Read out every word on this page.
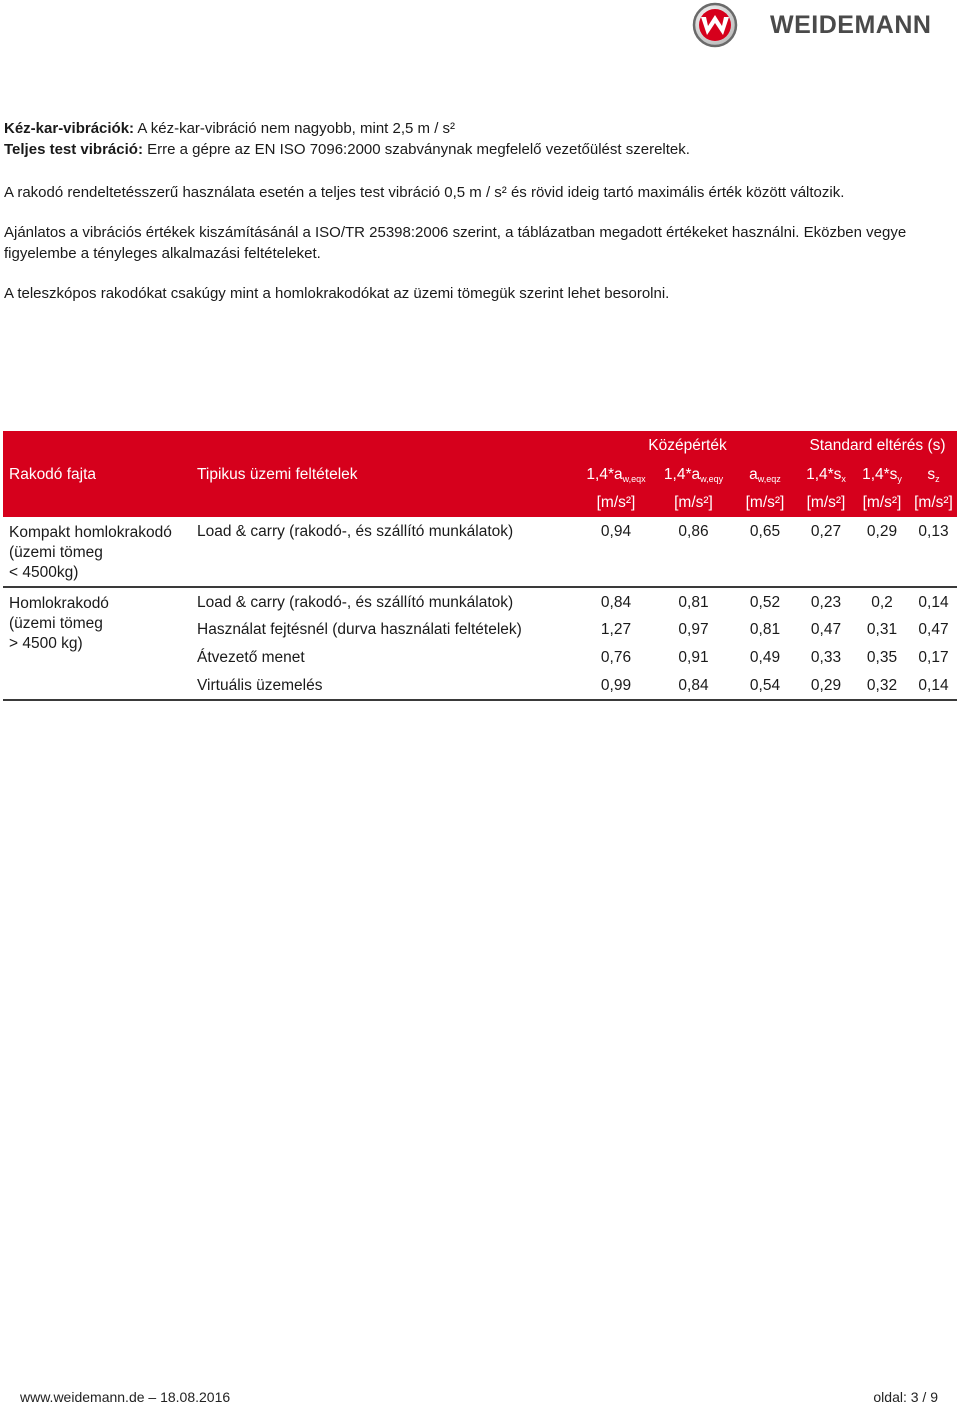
WEIDEMANN

Kéz-kar-vibrációk: A kéz-kar-vibráció nem nagyobb, mint 2,5 m / s²

Teljes test vibráció: Erre a gépre az EN ISO 7096:2000 szabványnak megfelelő vezetőülést szereltek.

A rakodó rendeltetésszerű használata esetén a teljes test vibráció 0,5 m / s² és rövid ideig tartó maximális érték között változik.

Ajánlatos a vibrációs értékek kiszámításánál a ISO/TR 25398:2006 szerint, a táblázatban megadott értékeket használni. Eközben vegye figyelembe a tényleges alkalmazási feltételeket.

A teleszkópos rakodókat csakúgy mint a homlokrakodókat az üzemi tömegük szerint lehet besorolni.

		Középérték			Standard eltérés (s)		
Rakodó fajta	Tipikus üzemi feltételek	$1,4*a_{w,eqx}$	$1,4*a_{w,eqy}$	$a_{w,eqz}$	$1,4*s_x$	$1,4*s_y$	$s_z$
		[m/s²]	[m/s²]	[m/s²]	[m/s²]	[m/s²]	[m/s²]

Kompakt homlokrakodó
(üzemi tömeg
< 4500kg)	Load & carry (rakodó-, és szállító munkálatok)	0,94	0,86	0,65	0,27	0,29	0,13

Homlokrakodó
(üzemi tömeg
> 4500 kg)	Load & carry (rakodó-, és szállító munkálatok)	0,84	0,81	0,52	0,23	0,2	0,14
	Használat fejtésnél (durva használati feltételek)	1,27	0,97	0,81	0,47	0,31	0,47
	Átvezető menet	0,76	0,91	0,49	0,33	0,35	0,17
	Virtuális üzemelés	0,99	0,84	0,54	0,29	0,32	0,14
www.weidemann.de – 18.08.2016	oldal: 3 / 9
